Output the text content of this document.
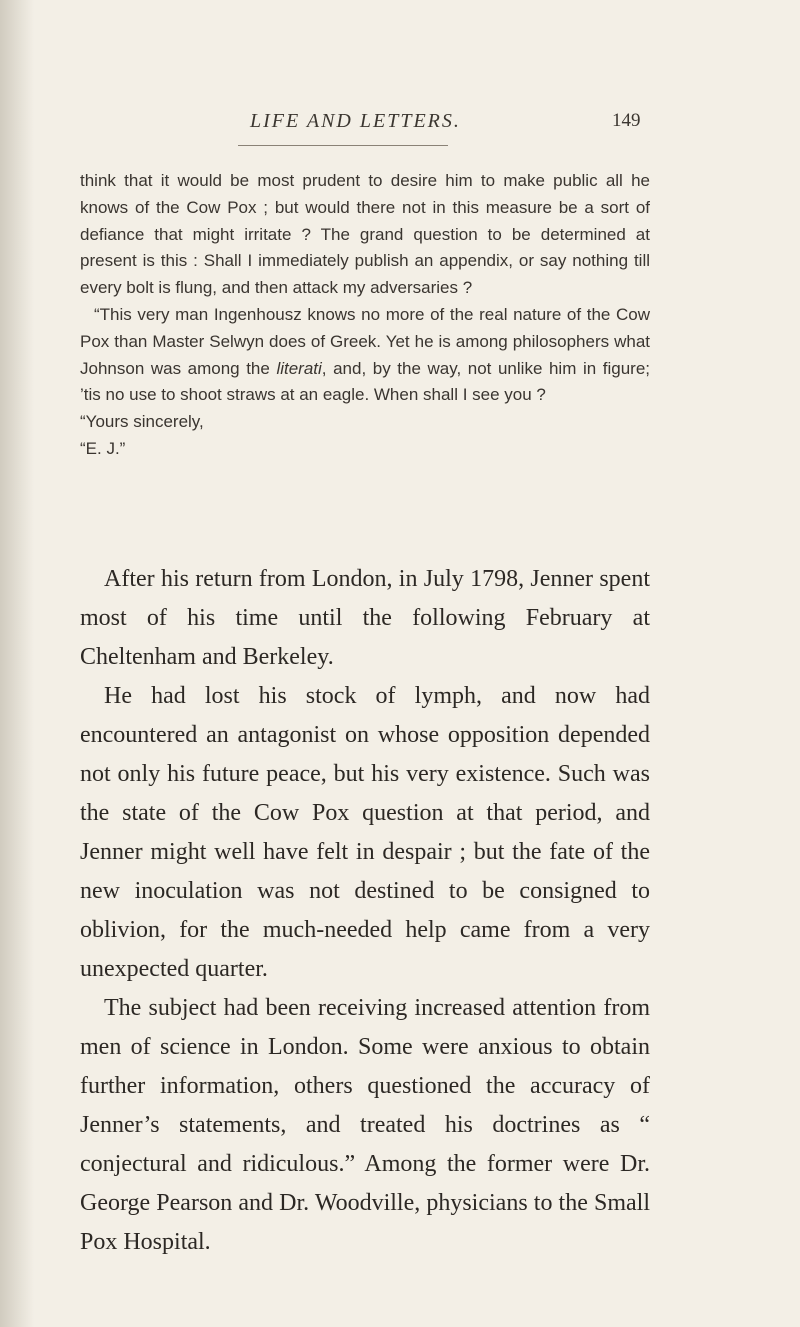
LIFE AND LETTERS.	149

think that it would be most prudent to desire him to make public all he knows of the Cow Pox ; but would there not in this measure be a sort of defiance that might irritate ? The grand question to be determined at present is this : Shall I immediately publish an appendix, or say nothing till every bolt is flung, and then attack my adversaries ?

“This very man Ingenhousz knows no more of the real nature of the Cow Pox than Master Selwyn does of Greek. Yet he is among philosophers what Johnson was among the literati, and, by the way, not unlike him in figure; ’tis no use to shoot straws at an eagle. When shall I see you ?

“Yours sincerely,

“E. J.”

After his return from London, in July 1798, Jenner spent most of his time until the following February at Cheltenham and Berkeley.

He had lost his stock of lymph, and now had encountered an antagonist on whose opposition depended not only his future peace, but his very existence. Such was the state of the Cow Pox question at that period, and Jenner might well have felt in despair ; but the fate of the new inoculation was not destined to be consigned to oblivion, for the much-needed help came from a very unexpected quarter.

The subject had been receiving increased attention from men of science in London. Some were anxious to obtain further information, others questioned the accuracy of Jenner’s statements, and treated his doctrines as “ conjectural and ridiculous.” Among the former were Dr. George Pearson and Dr. Woodville, physicians to the Small Pox Hospital.
